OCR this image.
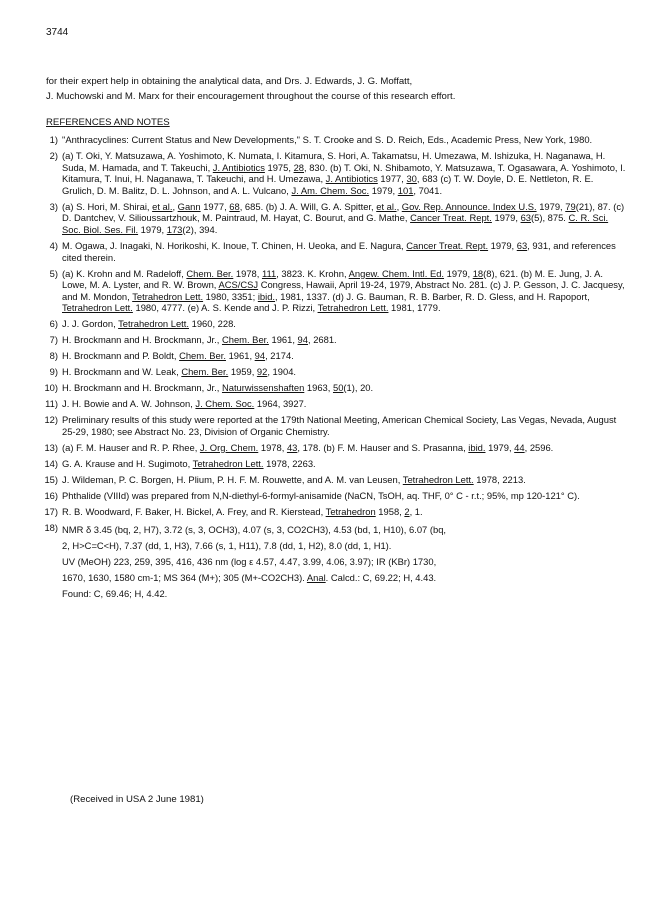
3744
for their expert help in obtaining the analytical data, and Drs. J. Edwards, J. G. Moffatt,
J. Muchowski and M. Marx for their encouragement throughout the course of this research effort.
REFERENCES AND NOTES
1) "Anthracyclines: Current Status and New Developments," S. T. Crooke and S. D. Reich, Eds., Academic Press, New York, 1980.
2) (a) T. Oki, Y. Matsuzawa, A. Yoshimoto, K. Numata, I. Kitamura, S. Hori, A. Takamatsu, H. Umezawa, M. Ishizuka, H. Naganawa, H. Suda, M. Hamada, and T. Takeuchi, J. Antibiotics 1975, 28, 830. (b) T. Oki, N. Shibamoto, Y. Matsuzawa, T. Ogasawara, A. Yoshimoto, I. Kitamura, T. Inui, H. Naganawa, T. Takeuchi, and H. Umezawa, J. Antibiotics 1977, 30, 683 (c) T. W. Doyle, D. E. Nettleton, R. E. Grulich, D. M. Balitz, D. L. Johnson, and A. L. Vulcano, J. Am. Chem. Soc. 1979, 101, 7041.
3) (a) S. Hori, M. Shirai, et al., Gann 1977, 68, 685. (b) J. A. Will, G. A. Spitter, et al., Gov. Rep. Announce. Index U.S. 1979, 79(21), 87. (c) D. Dantchev, V. Silioussartzhouk, M. Paintraud, M. Hayat, C. Bourut, and G. Mathe, Cancer Treat. Rept. 1979, 63(5), 875. C. R. Sci. Soc. Biol. Ses. Fil. 1979, 173(2), 394.
4) M. Ogawa, J. Inagaki, N. Horikoshi, K. Inoue, T. Chinen, H. Ueoka, and E. Nagura, Cancer Treat. Rept. 1979, 63, 931, and references cited therein.
5) (a) K. Krohn and M. Radeloff, Chem. Ber. 1978, 111, 3823. K. Krohn, Angew. Chem. Intl. Ed. 1979, 18(8), 621. (b) M. E. Jung, J. A. Lowe, M. A. Lyster, and R. W. Brown, ACS/CSJ Congress, Hawaii, April 19-24, 1979, Abstract No. 281. (c) J. P. Gesson, J. C. Jacquesy, and M. Mondon, Tetrahedron Lett. 1980, 3351; ibid., 1981, 1337. (d) J. G. Bauman, R. B. Barber, R. D. Gless, and H. Rapoport, Tetrahedron Lett. 1980, 4777. (e) A. S. Kende and J. P. Rizzi, Tetrahedron Lett. 1981, 1779.
6) J. J. Gordon, Tetrahedron Lett. 1960, 228.
7) H. Brockmann and H. Brockmann, Jr., Chem. Ber. 1961, 94, 2681.
8) H. Brockmann and P. Boldt, Chem. Ber. 1961, 94, 2174.
9) H. Brockmann and W. Leak, Chem. Ber. 1959, 92, 1904.
10) H. Brockmann and H. Brockmann, Jr., Naturwissenshaften 1963, 50(1), 20.
11) J. H. Bowie and A. W. Johnson, J. Chem. Soc. 1964, 3927.
12) Preliminary results of this study were reported at the 179th National Meeting, American Chemical Society, Las Vegas, Nevada, August 25-29, 1980; see Abstract No. 23, Division of Organic Chemistry.
13) (a) F. M. Hauser and R. P. Rhee, J. Org. Chem. 1978, 43, 178. (b) F. M. Hauser and S. Prasanna, ibid. 1979, 44, 2596.
14) G. A. Krause and H. Sugimoto, Tetrahedron Lett. 1978, 2263.
15) J. Wildeman, P. C. Borgen, H. Plium, P. H. F. M. Rouwette, and A. M. van Leusen, Tetrahedron Lett. 1978, 2213.
16) Phthalide (VIIId) was prepared from N,N-diethyl-6-formyl-anisamide (NaCN, TsOH, aq. THF, 0° C - r.t.; 95%, mp 120-121° C).
17) R. B. Woodward, F. Baker, H. Bickel, A. Frey, and R. Kierstead, Tetrahedron 1958, 2, 1.
18) NMR δ 3.45 (bq, 2, H7), 3.72 (s, 3, OCH3), 4.07 (s, 3, CO2CH3), 4.53 (bd, 1, H10), 6.07 (bq,
2, H>C=C<H), 7.37 (dd, 1, H3), 7.66 (s, 1, H11), 7.8 (dd, 1, H2), 8.0 (dd, 1, H1).
UV (MeOH) 223, 259, 395, 416, 436 nm (log ε 4.57, 4.47, 3.99, 4.06, 3.97); IR (KBr) 1730,
1670, 1630, 1580 cm-1; MS 364 (M+); 305 (M+-CO2CH3). Anal. Calcd.: C, 69.22; H, 4.43.
Found: C, 69.46; H, 4.42.
(Received in USA 2 June 1981)
